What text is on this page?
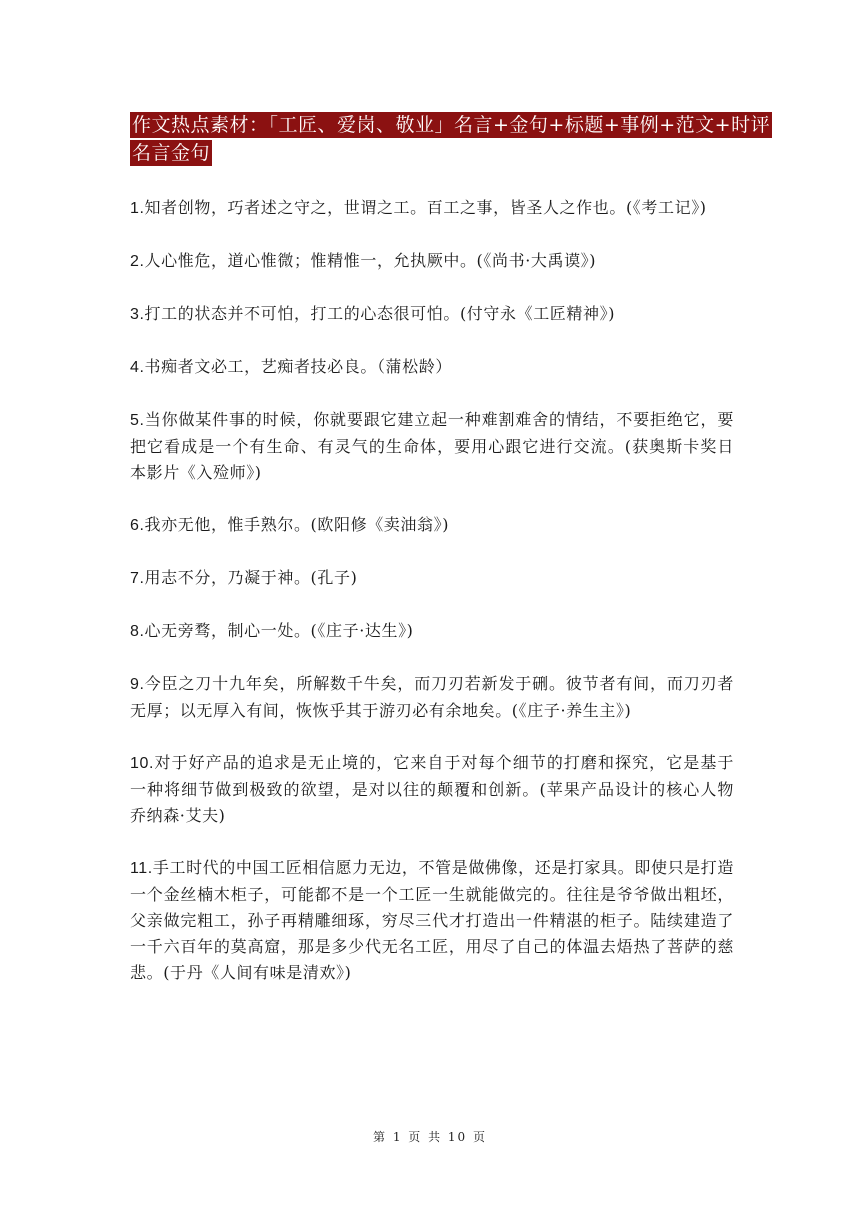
作文热点素材：「工匠、爱岗、敬业」名言+金句+标题+事例+范文+时评
名言金句
1.知者创物，巧者述之守之，世谓之工。百工之事，皆圣人之作也。(《考工记》)
2.人心惟危，道心惟微；惟精惟一，允执厥中。(《尚书·大禹谟》)
3.打工的状态并不可怕，打工的心态很可怕。(付守永《工匠精神》)
4.书痴者文必工，艺痴者技必良。（蒲松龄）
5.当你做某件事的时候，你就要跟它建立起一种难割难舍的情结，不要拒绝它，要把它看成是一个有生命、有灵气的生命体，要用心跟它进行交流。(获奥斯卡奖日本影片《入殓师》)
6.我亦无他，惟手熟尔。(欧阳修《卖油翁》)
7.用志不分，乃凝于神。(孔子)
8.心无旁骛，制心一处。(《庄子·达生》)
9.今臣之刀十九年矣，所解数千牛矣，而刀刃若新发于硎。彼节者有间，而刀刃者无厚；以无厚入有间，恢恢乎其于游刃必有余地矣。(《庄子·养生主》)
10.对于好产品的追求是无止境的，它来自于对每个细节的打磨和探究，它是基于一种将细节做到极致的欲望，是对以往的颠覆和创新。(苹果产品设计的核心人物乔纳森·艾夫)
11.手工时代的中国工匠相信愿力无边，不管是做佛像，还是打家具。即使只是打造一个金丝楠木柜子，可能都不是一个工匠一生就能做完的。往往是爷爷做出粗坯，父亲做完粗工，孙子再精雕细琢，穷尽三代才打造出一件精湛的柜子。陆续建造了一千六百年的莫高窟，那是多少代无名工匠，用尽了自己的体温去焐热了菩萨的慈悲。(于丹《人间有味是清欢》)
第 1 页 共 10 页
